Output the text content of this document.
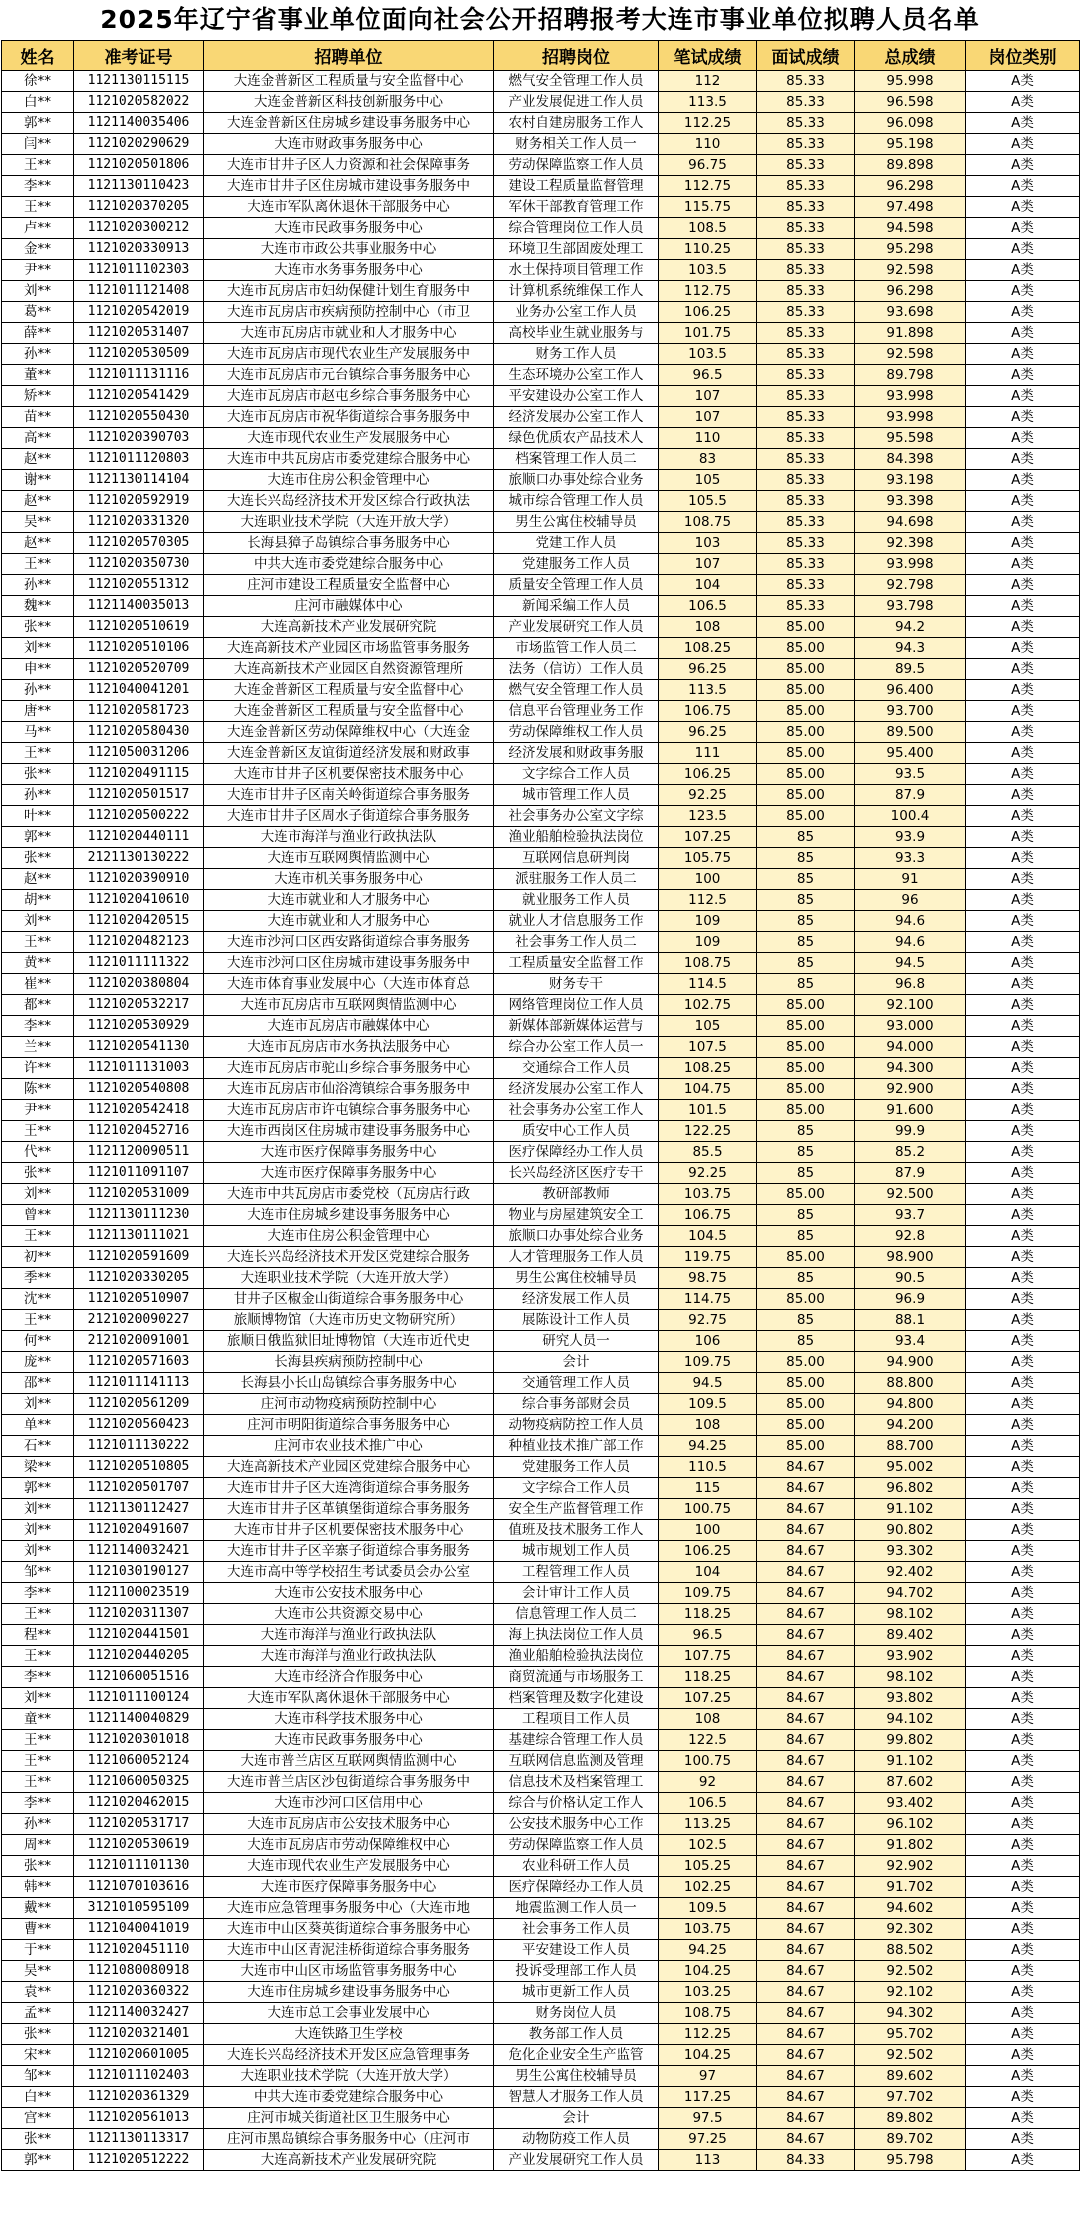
2025年辽宁省事业单位面向社会公开招聘报考大连市事业单位拟聘人员名单
姓名	准考证号	招聘单位	招聘岗位	笔试成绩	面试成绩	总成绩	岗位类别
徐**	1121130115115	大连金普新区工程质量与安全监督中心	燃气安全管理工作人员	112	85.33	95.998	A类
白**	1121020582022	大连金普新区科技创新服务中心	产业发展促进工作人员	113.5	85.33	96.598	A类
郭**	1121140035406	大连金普新区住房城乡建设事务服务中心	农村自建房服务工作人	112.25	85.33	96.098	A类
闫**	1121020290629	大连市财政事务服务中心	财务相关工作人员一	110	85.33	95.198	A类
王**	1121020501806	大连市甘井子区人力资源和社会保障事务	劳动保障监察工作人员	96.75	85.33	89.898	A类
李**	1121130110423	大连市甘井子区住房城市建设事务服务中	建设工程质量监督管理	112.75	85.33	96.298	A类
王**	1121020370205	大连市军队离休退休干部服务中心	军休干部教育管理工作	115.75	85.33	97.498	A类
卢**	1121020300212	大连市民政事务服务中心	综合管理岗位工作人员	108.5	85.33	94.598	A类
金**	1121020330913	大连市市政公共事业服务中心	环境卫生部固废处理工	110.25	85.33	95.298	A类
尹**	1121011102303	大连市水务事务服务中心	水土保持项目管理工作	103.5	85.33	92.598	A类
刘**	1121011121408	大连市瓦房店市妇幼保健计划生育服务中	计算机系统维保工作人	112.75	85.33	96.298	A类
葛**	1121020542019	大连市瓦房店市疾病预防控制中心（市卫	业务办公室工作人员	106.25	85.33	93.698	A类
薛**	1121020531407	大连市瓦房店市就业和人才服务中心	高校毕业生就业服务与	101.75	85.33	91.898	A类
孙**	1121020530509	大连市瓦房店市现代农业生产发展服务中	财务工作人员	103.5	85.33	92.598	A类
董**	1121011131116	大连市瓦房店市元台镇综合事务服务中心	生态环境办公室工作人	96.5	85.33	89.798	A类
矫**	1121020541429	大连市瓦房店市赵屯乡综合事务服务中心	平安建设办公室工作人	107	85.33	93.998	A类
苗**	1121020550430	大连市瓦房店市祝华街道综合事务服务中	经济发展办公室工作人	107	85.33	93.998	A类
高**	1121020390703	大连市现代农业生产发展服务中心	绿色优质农产品技术人	110	85.33	95.598	A类
赵**	1121011120803	大连市中共瓦房店市委党建综合服务中心	档案管理工作人员二	83	85.33	84.398	A类
谢**	1121130114104	大连市住房公积金管理中心	旅顺口办事处综合业务	105	85.33	93.198	A类
赵**	1121020592919	大连长兴岛经济技术开发区综合行政执法	城市综合管理工作人员	105.5	85.33	93.398	A类
吴**	1121020331320	大连职业技术学院（大连开放大学）	男生公寓住校辅导员	108.75	85.33	94.698	A类
赵**	1121020570305	长海县獐子岛镇综合事务服务中心	党建工作人员	103	85.33	92.398	A类
王**	1121020350730	中共大连市委党建综合服务中心	党建服务工作人员	107	85.33	93.998	A类
孙**	1121020551312	庄河市建设工程质量安全监督中心	质量安全管理工作人员	104	85.33	92.798	A类
魏**	1121140035013	庄河市融媒体中心	新闻采编工作人员	106.5	85.33	93.798	A类
张**	1121020510619	大连高新技术产业发展研究院	产业发展研究工作人员	108	85.00	94.2	A类
刘**	1121020510106	大连高新技术产业园区市场监管事务服务	市场监管工作人员二	108.25	85.00	94.3	A类
申**	1121020520709	大连高新技术产业园区自然资源管理所	法务（信访）工作人员	96.25	85.00	89.5	A类
孙**	1121040041201	大连金普新区工程质量与安全监督中心	燃气安全管理工作人员	113.5	85.00	96.400	A类
唐**	1121020581723	大连金普新区工程质量与安全监督中心	信息平台管理业务工作	106.75	85.00	93.700	A类
马**	1121020580430	大连金普新区劳动保障维权中心（大连金	劳动保障维权工作人员	96.25	85.00	89.500	A类
王**	1121050031206	大连金普新区友谊街道经济发展和财政事	经济发展和财政事务服	111	85.00	95.400	A类
张**	1121020491115	大连市甘井子区机要保密技术服务中心	文字综合工作人员	106.25	85.00	93.5	A类
孙**	1121020501517	大连市甘井子区南关岭街道综合事务服务	城市管理工作人员	92.25	85.00	87.9	A类
叶**	1121020500222	大连市甘井子区周水子街道综合事务服务	社会事务办公室文字综	123.5	85.00	100.4	A类
郭**	1121020440111	大连市海洋与渔业行政执法队	渔业船舶检验执法岗位	107.25	85	93.9	A类
张**	2121130130222	大连市互联网舆情监测中心	互联网信息研判岗	105.75	85	93.3	A类
赵**	1121020390910	大连市机关事务服务中心	派驻服务工作人员二	100	85	91	A类
胡**	1121020410610	大连市就业和人才服务中心	就业服务工作人员	112.5	85	96	A类
刘**	1121020420515	大连市就业和人才服务中心	就业人才信息服务工作	109	85	94.6	A类
王**	1121020482123	大连市沙河口区西安路街道综合事务服务	社会事务工作人员二	109	85	94.6	A类
黄**	1121011111322	大连市沙河口区住房城市建设事务服务中	工程质量安全监督工作	108.75	85	94.5	A类
崔**	1121020380804	大连市体育事业发展中心（大连市体育总	财务专干	114.5	85	96.8	A类
都**	1121020532217	大连市瓦房店市互联网舆情监测中心	网络管理岗位工作人员	102.75	85.00	92.100	A类
李**	1121020530929	大连市瓦房店市融媒体中心	新媒体部新媒体运营与	105	85.00	93.000	A类
兰**	1121020541130	大连市瓦房店市水务执法服务中心	综合办公室工作人员一	107.5	85.00	94.000	A类
许**	1121011131003	大连市瓦房店市驼山乡综合事务服务中心	交通综合工作人员	108.25	85.00	94.300	A类
陈**	1121020540808	大连市瓦房店市仙浴湾镇综合事务服务中	经济发展办公室工作人	104.75	85.00	92.900	A类
尹**	1121020542418	大连市瓦房店市许屯镇综合事务服务中心	社会事务办公室工作人	101.5	85.00	91.600	A类
王**	1121020452716	大连市西岗区住房城市建设事务服务中心	质安中心工作人员	122.25	85	99.9	A类
代**	1121120090511	大连市医疗保障事务服务中心	医疗保障经办工作人员	85.5	85	85.2	A类
张**	1121011091107	大连市医疗保障事务服务中心	长兴岛经济区医疗专干	92.25	85	87.9	A类
刘**	1121020531009	大连市中共瓦房店市委党校（瓦房店行政	教研部教师	103.75	85.00	92.500	A类
曾**	1121130111230	大连市住房城乡建设事务服务中心	物业与房屋建筑安全工	106.75	85	93.7	A类
王**	1121130111021	大连市住房公积金管理中心	旅顺口办事处综合业务	104.5	85	92.8	A类
初**	1121020591609	大连长兴岛经济技术开发区党建综合服务	人才管理服务工作人员	119.75	85.00	98.900	A类
季**	1121020330205	大连职业技术学院（大连开放大学）	男生公寓住校辅导员	98.75	85	90.5	A类
沈**	1121020510907	甘井子区椒金山街道综合事务服务中心	经济发展工作人员	114.75	85.00	96.9	A类
王**	2121020090227	旅顺博物馆（大连市历史文物研究所）	展陈设计工作人员	92.75	85	88.1	A类
何**	2121020091001	旅顺日俄监狱旧址博物馆（大连市近代史	研究人员一	106	85	93.4	A类
庞**	1121020571603	长海县疾病预防控制中心	会计	109.75	85.00	94.900	A类
邵**	1121011141113	长海县小长山岛镇综合事务服务中心	交通管理工作人员	94.5	85.00	88.800	A类
刘**	1121020561209	庄河市动物疫病预防控制中心	综合事务部财会员	109.5	85.00	94.800	A类
单**	1121020560423	庄河市明阳街道综合事务服务中心	动物疫病防控工作人员	108	85.00	94.200	A类
石**	1121011130222	庄河市农业技术推广中心	种植业技术推广部工作	94.25	85.00	88.700	A类
梁**	1121020510805	大连高新技术产业园区党建综合服务中心	党建服务工作人员	110.5	84.67	95.002	A类
郭**	1121020501707	大连市甘井子区大连湾街道综合事务服务	文字综合工作人员	115	84.67	96.802	A类
刘**	1121130112427	大连市甘井子区革镇堡街道综合事务服务	安全生产监督管理工作	100.75	84.67	91.102	A类
刘**	1121020491607	大连市甘井子区机要保密技术服务中心	值班及技术服务工作人	100	84.67	90.802	A类
刘**	1121140032421	大连市甘井子区辛寨子街道综合事务服务	城市规划工作人员	106.25	84.67	93.302	A类
邹**	1121030190127	大连市高中等学校招生考试委员会办公室	工程管理工作人员	104	84.67	92.402	A类
李**	1121100023519	大连市公安技术服务中心	会计审计工作人员	109.75	84.67	94.702	A类
王**	1121020311307	大连市公共资源交易中心	信息管理工作人员二	118.25	84.67	98.102	A类
程**	1121020441501	大连市海洋与渔业行政执法队	海上执法岗位工作人员	96.5	84.67	89.402	A类
王**	1121020440205	大连市海洋与渔业行政执法队	渔业船舶检验执法岗位	107.75	84.67	93.902	A类
李**	1121060051516	大连市经济合作服务中心	商贸流通与市场服务工	118.25	84.67	98.102	A类
刘**	1121011100124	大连市军队离休退休干部服务中心	档案管理及数字化建设	107.25	84.67	93.802	A类
童**	1121140040829	大连市科学技术服务中心	工程项目工作人员	108	84.67	94.102	A类
王**	1121020301018	大连市民政事务服务中心	基建综合管理工作人员	122.5	84.67	99.802	A类
王**	1121060052124	大连市普兰店区互联网舆情监测中心	互联网信息监测及管理	100.75	84.67	91.102	A类
王**	1121060050325	大连市普兰店区沙包街道综合事务服务中	信息技术及档案管理工	92	84.67	87.602	A类
李**	1121020462015	大连市沙河口区信用中心	综合与价格认定工作人	106.5	84.67	93.402	A类
孙**	1121020531717	大连市瓦房店市公安技术服务中心	公安技术服务中心工作	113.25	84.67	96.102	A类
周**	1121020530619	大连市瓦房店市劳动保障维权中心	劳动保障监察工作人员	102.5	84.67	91.802	A类
张**	1121011101130	大连市现代农业生产发展服务中心	农业科研工作人员	105.25	84.67	92.902	A类
韩**	1121070103616	大连市医疗保障事务服务中心	医疗保障经办工作人员	102.25	84.67	91.702	A类
戴**	3121010595109	大连市应急管理事务服务中心（大连市地	地震监测工作人员一	109.5	84.67	94.602	A类
曹**	1121040041019	大连市中山区葵英街道综合事务服务中心	社会事务工作人员	103.75	84.67	92.302	A类
于**	1121020451110	大连市中山区青泥洼桥街道综合事务服务	平安建设工作人员	94.25	84.67	88.502	A类
吴**	1121080080918	大连市中山区市场监管事务服务中心	投诉受理部工作人员	104.25	84.67	92.502	A类
袁**	1121020360322	大连市住房城乡建设事务服务中心	城市更新工作人员	103.25	84.67	92.102	A类
孟**	1121140032427	大连市总工会事业发展中心	财务岗位人员	108.75	84.67	94.302	A类
张**	1121020321401	大连铁路卫生学校	教务部工作人员	112.25	84.67	95.702	A类
宋**	1121020601005	大连长兴岛经济技术开发区应急管理事务	危化企业安全生产监管	104.25	84.67	92.502	A类
邹**	1121011102403	大连职业技术学院（大连开放大学）	男生公寓住校辅导员	97	84.67	89.602	A类
白**	1121020361329	中共大连市委党建综合服务中心	智慧人才服务工作人员	117.25	84.67	97.702	A类
宫**	1121020561013	庄河市城关街道社区卫生服务中心	会计	97.5	84.67	89.802	A类
张**	1121130113317	庄河市黑岛镇综合事务服务中心（庄河市	动物防疫工作人员	97.25	84.67	89.702	A类
郭**	1121020512222	大连高新技术产业发展研究院	产业发展研究工作人员	113	84.33	95.798	A类
